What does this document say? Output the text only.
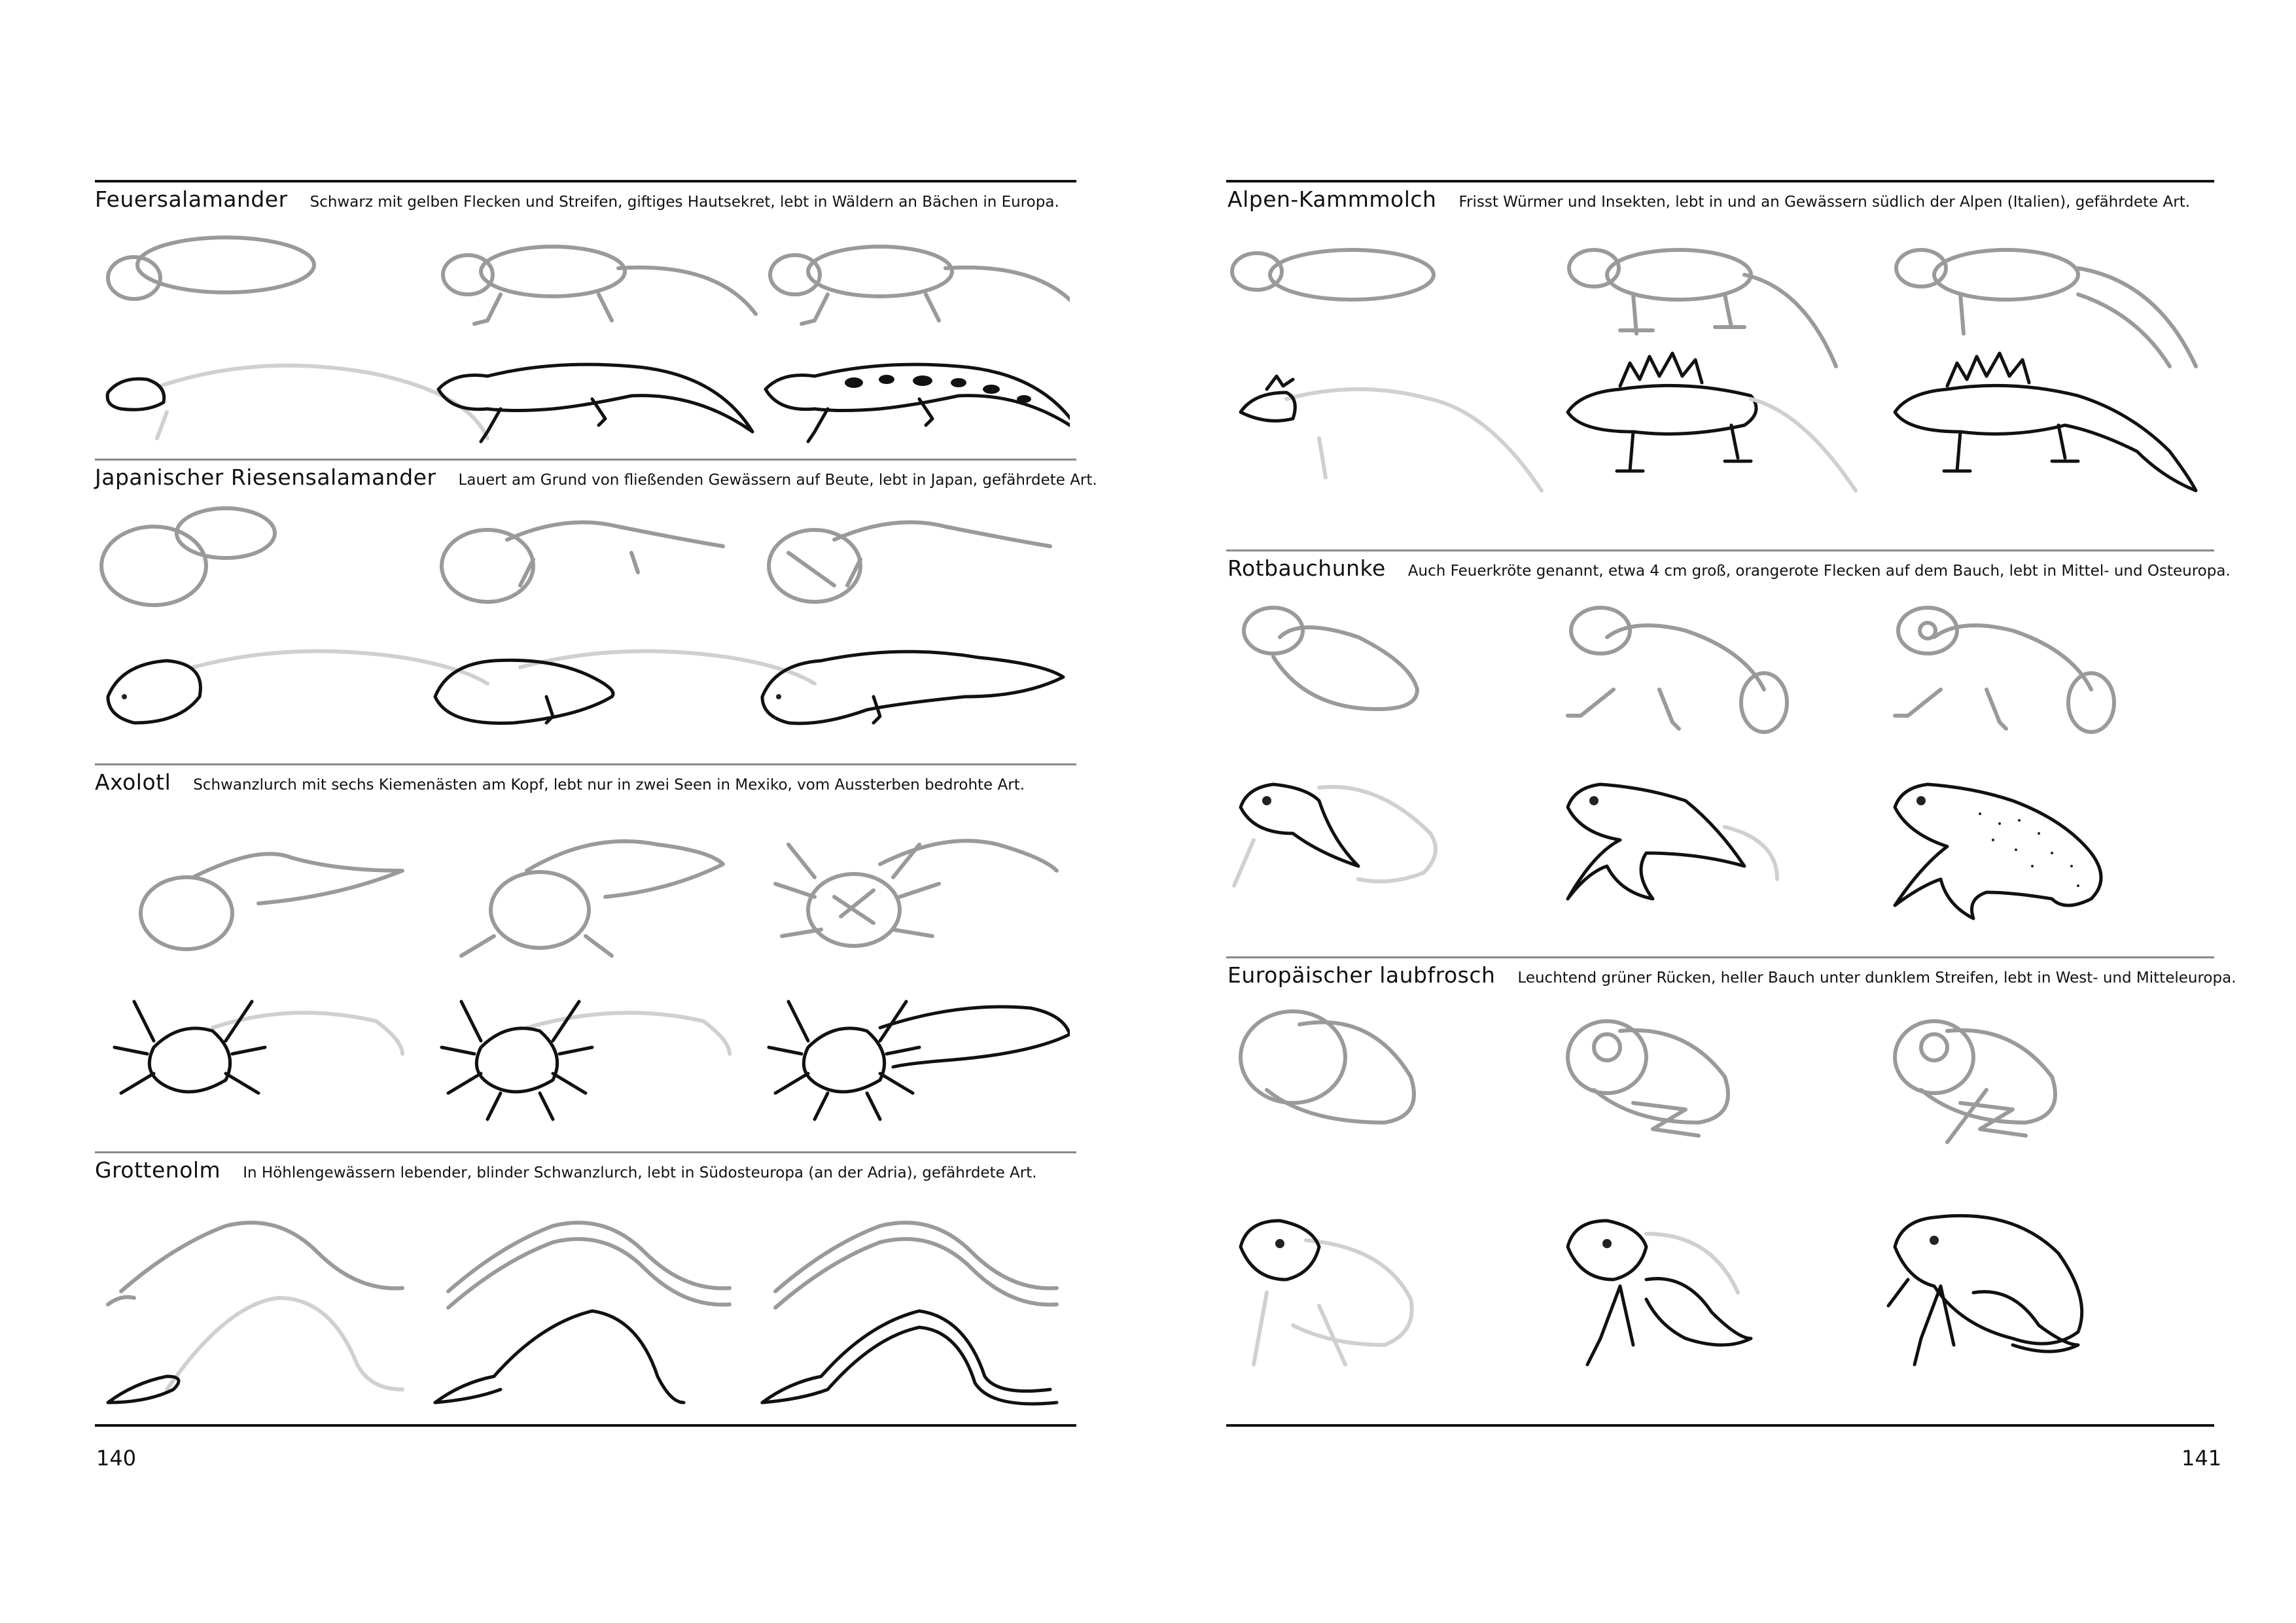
Feuersalamander Schwarz mit gelben Flecken und Streifen, giftiges Hautsekret, lebt in Wäldern an Bächen in Europa.
Japanischer Riesensalamander Lauert am Grund von fließenden Gewässern auf Beute, lebt in Japan, gefährdete Art.
Axolotl Schwanzlurch mit sechs Kiemenästen am Kopf, lebt nur in zwei Seen in Mexiko, vom Aussterben bedrohte Art.
Grottenolm In Höhlengewässern lebender, blinder Schwanzlurch, lebt in Südosteuropa (an der Adria), gefährdete Art.
140
Alpen-Kammmolch Frisst Würmer und Insekten, lebt in und an Gewässern südlich der Alpen (Italien), gefährdete Art.
Rotbauchunke Auch Feuerkröte genannt, etwa 4 cm groß, orangerote Flecken auf dem Bauch, lebt in Mittel- und Osteuropa.
Europäischer laubfrosch Leuchtend grüner Rücken, heller Bauch unter dunklem Streifen, lebt in West- und Mitteleuropa.
141
